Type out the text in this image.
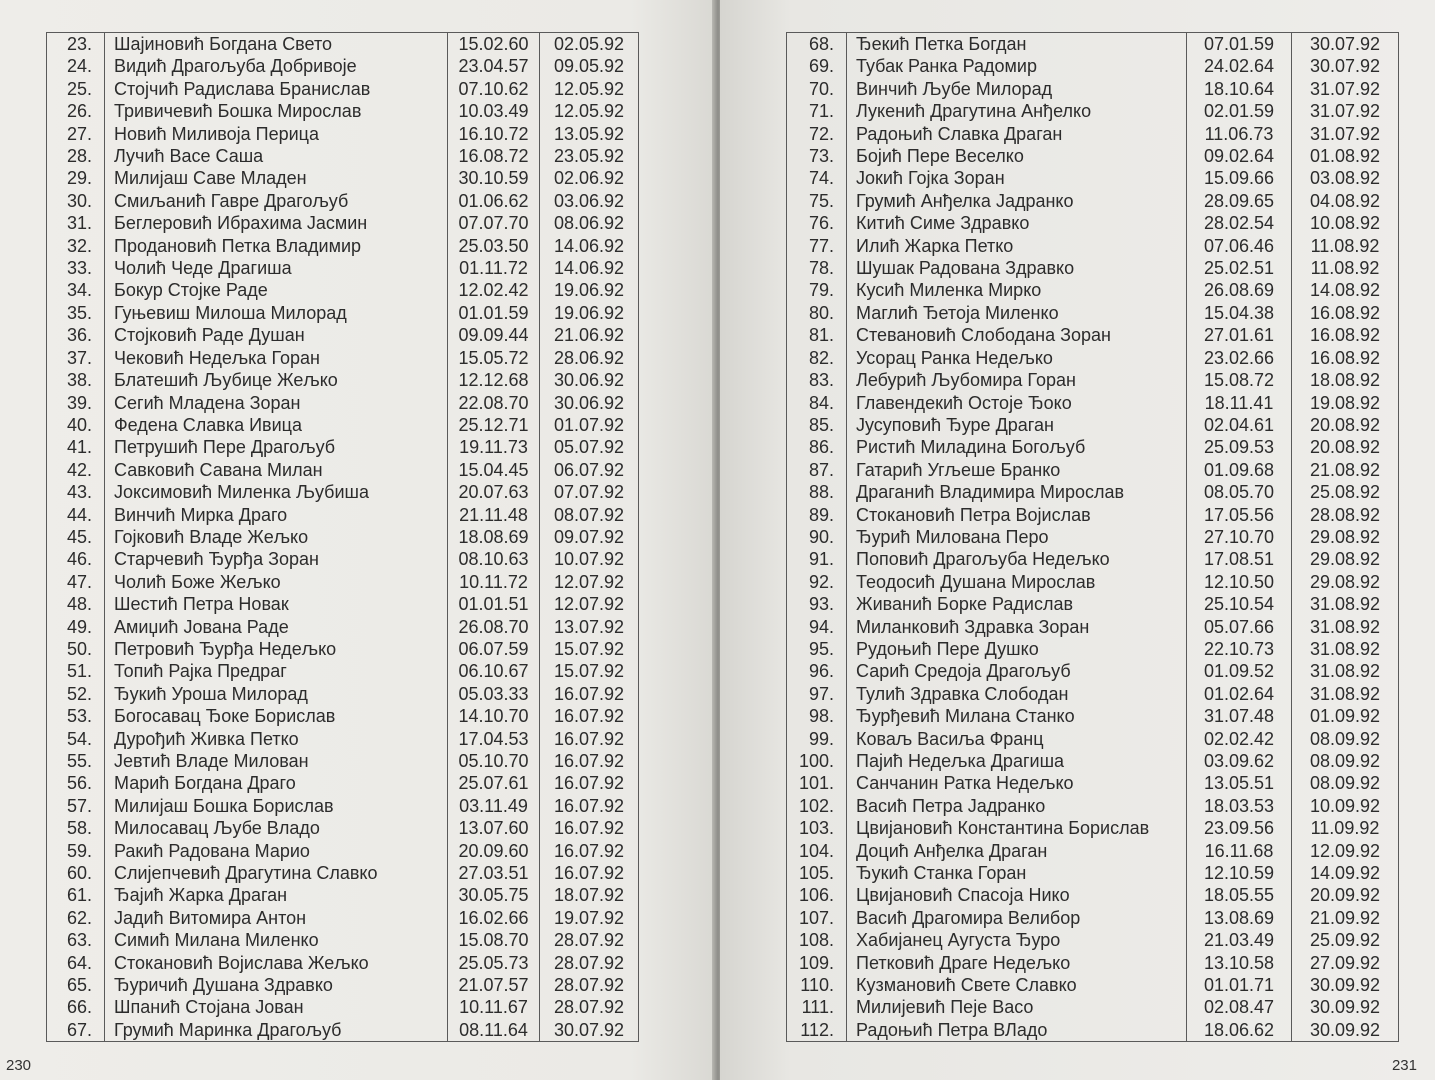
23.	Шајиновић Богдана Свето	15.02.60	02.05.92
24.	Видић Драгољуба Добривоје	23.04.57	09.05.92
25.	Стојчић Радислава Бранислав	07.10.62	12.05.92
26.	Тривичевић Бошка Мирослав	10.03.49	12.05.92
27.	Новић Миливоја Перица	16.10.72	13.05.92
28.	Лучић Васе Саша	16.08.72	23.05.92
29.	Милијаш Саве Младен	30.10.59	02.06.92
30.	Смиљанић Гавре Драгољуб	01.06.62	03.06.92
31.	Беглеровић Ибрахима Јасмин	07.07.70	08.06.92
32.	Продановић Петка Владимир	25.03.50	14.06.92
33.	Чолић Чеде Драгиша	01.11.72	14.06.92
34.	Бокур Стојке Раде	12.02.42	19.06.92
35.	Гуњевиш Милоша Милорад	01.01.59	19.06.92
36.	Стојковић Раде Душан	09.09.44	21.06.92
37.	Чековић Недељка Горан	15.05.72	28.06.92
38.	Блатешић Љубице Жељко	12.12.68	30.06.92
39.	Сегић Младена Зоран	22.08.70	30.06.92
40.	Федена Славка Ивица	25.12.71	01.07.92
41.	Петрушић Пере Драгољуб	19.11.73	05.07.92
42.	Савковић Савана Милан	15.04.45	06.07.92
43.	Јоксимовић Миленка Љубиша	20.07.63	07.07.92
44.	Винчић Мирка Драго	21.11.48	08.07.92
45.	Гојковић Владе Жељко	18.08.69	09.07.92
46.	Старчевић Ђурђа Зоран	08.10.63	10.07.92
47.	Чолић Боже Жељко	10.11.72	12.07.92
48.	Шестић Петра Новак	01.01.51	12.07.92
49.	Амиџић Јована Раде	26.08.70	13.07.92
50.	Петровић Ђурђа Недељко	06.07.59	15.07.92
51.	Топић Рајка Предраг	06.10.67	15.07.92
52.	Ђукић Уроша Милорад	05.03.33	16.07.92
53.	Богосавац Ђоке Борислав	14.10.70	16.07.92
54.	Дурођић Живка Петко	17.04.53	16.07.92
55.	Јевтић Владе Милован	05.10.70	16.07.92
56.	Марић Богдана Драго	25.07.61	16.07.92
57.	Милијаш Бошка Борислав	03.11.49	16.07.92
58.	Милосавац Љубе Владо	13.07.60	16.07.92
59.	Ракић Радована Марио	20.09.60	16.07.92
60.	Слијепчевић Драгутина Славко	27.03.51	16.07.92
61.	Ђајић Жарка Драган	30.05.75	18.07.92
62.	Јадић Витомира Антон	16.02.66	19.07.92
63.	Симић Милана Миленко	15.08.70	28.07.92
64.	Стокановић Војислава Жељко	25.05.73	28.07.92
65.	Ђуричић Душана Здравко	21.07.57	28.07.92
66.	Шпанић Стојана Јован	10.11.67	28.07.92
67.	Грумић Маринка Драгољуб	08.11.64	30.07.92
230
68.	Ђекић Петка Богдан	07.01.59	30.07.92
69.	Тубак Ранка Радомир	24.02.64	30.07.92
70.	Винчић Љубе Милорад	18.10.64	31.07.92
71.	Лукенић Драгутина Анђелко	02.01.59	31.07.92
72.	Радоњић Славка Драган	11.06.73	31.07.92
73.	Бојић Пере Веселко	09.02.64	01.08.92
74.	Јокић Гојка Зоран	15.09.66	03.08.92
75.	Грумић Анђелка Јадранко	28.09.65	04.08.92
76.	Китић Симе Здравко	28.02.54	10.08.92
77.	Илић Жарка Петко	07.06.46	11.08.92
78.	Шушак Радована Здравко	25.02.51	11.08.92
79.	Кусић Миленка Мирко	26.08.69	14.08.92
80.	Маглић Ђетоја Миленко	15.04.38	16.08.92
81.	Стевановић Слободана Зоран	27.01.61	16.08.92
82.	Усорац Ранка Недељко	23.02.66	16.08.92
83.	Лебурић Љубомира Горан	15.08.72	18.08.92
84.	Главендекић Остоје Ђоко	18.11.41	19.08.92
85.	Јусуповић Ђуре Драган	02.04.61	20.08.92
86.	Ристић Миладина Богољуб	25.09.53	20.08.92
87.	Гатарић Угљеше Бранко	01.09.68	21.08.92
88.	Драганић Владимира Мирослав	08.05.70	25.08.92
89.	Стокановић Петра Војислав	17.05.56	28.08.92
90.	Ђурић Милована Перо	27.10.70	29.08.92
91.	Поповић Драгољуба Недељко	17.08.51	29.08.92
92.	Теодосић Душана Мирослав	12.10.50	29.08.92
93.	Живанић Борке Радислав	25.10.54	31.08.92
94.	Миланковић Здравка Зоран	05.07.66	31.08.92
95.	Рудоњић Пере Душко	22.10.73	31.08.92
96.	Сарић Средоја Драгољуб	01.09.52	31.08.92
97.	Тулић Здравка Слободан	01.02.64	31.08.92
98.	Ђурђевић Милана Станко	31.07.48	01.09.92
99.	Коваљ Васиља Франц	02.02.42	08.09.92
100.	Пајић Недељка Драгиша	03.09.62	08.09.92
101.	Санчанин Ратка Недељко	13.05.51	08.09.92
102.	Васић Петра Јадранко	18.03.53	10.09.92
103.	Цвијановић Константина Борислав	23.09.56	11.09.92
104.	Доцић Анђелка Драган	16.11.68	12.09.92
105.	Ђукић Станка Горан	12.10.59	14.09.92
106.	Цвијановић Спасоја Нико	18.05.55	20.09.92
107.	Васић Драгомира Велибор	13.08.69	21.09.92
108.	Хабијанец Аугуста Ђуро	21.03.49	25.09.92
109.	Петковић Драге Недељко	13.10.58	27.09.92
110.	Кузмановић Свете Славко	01.01.71	30.09.92
111.	Милијевић Пеје Васо	02.08.47	30.09.92
112.	Радоњић Петра ВЛадо	18.06.62	30.09.92
231
